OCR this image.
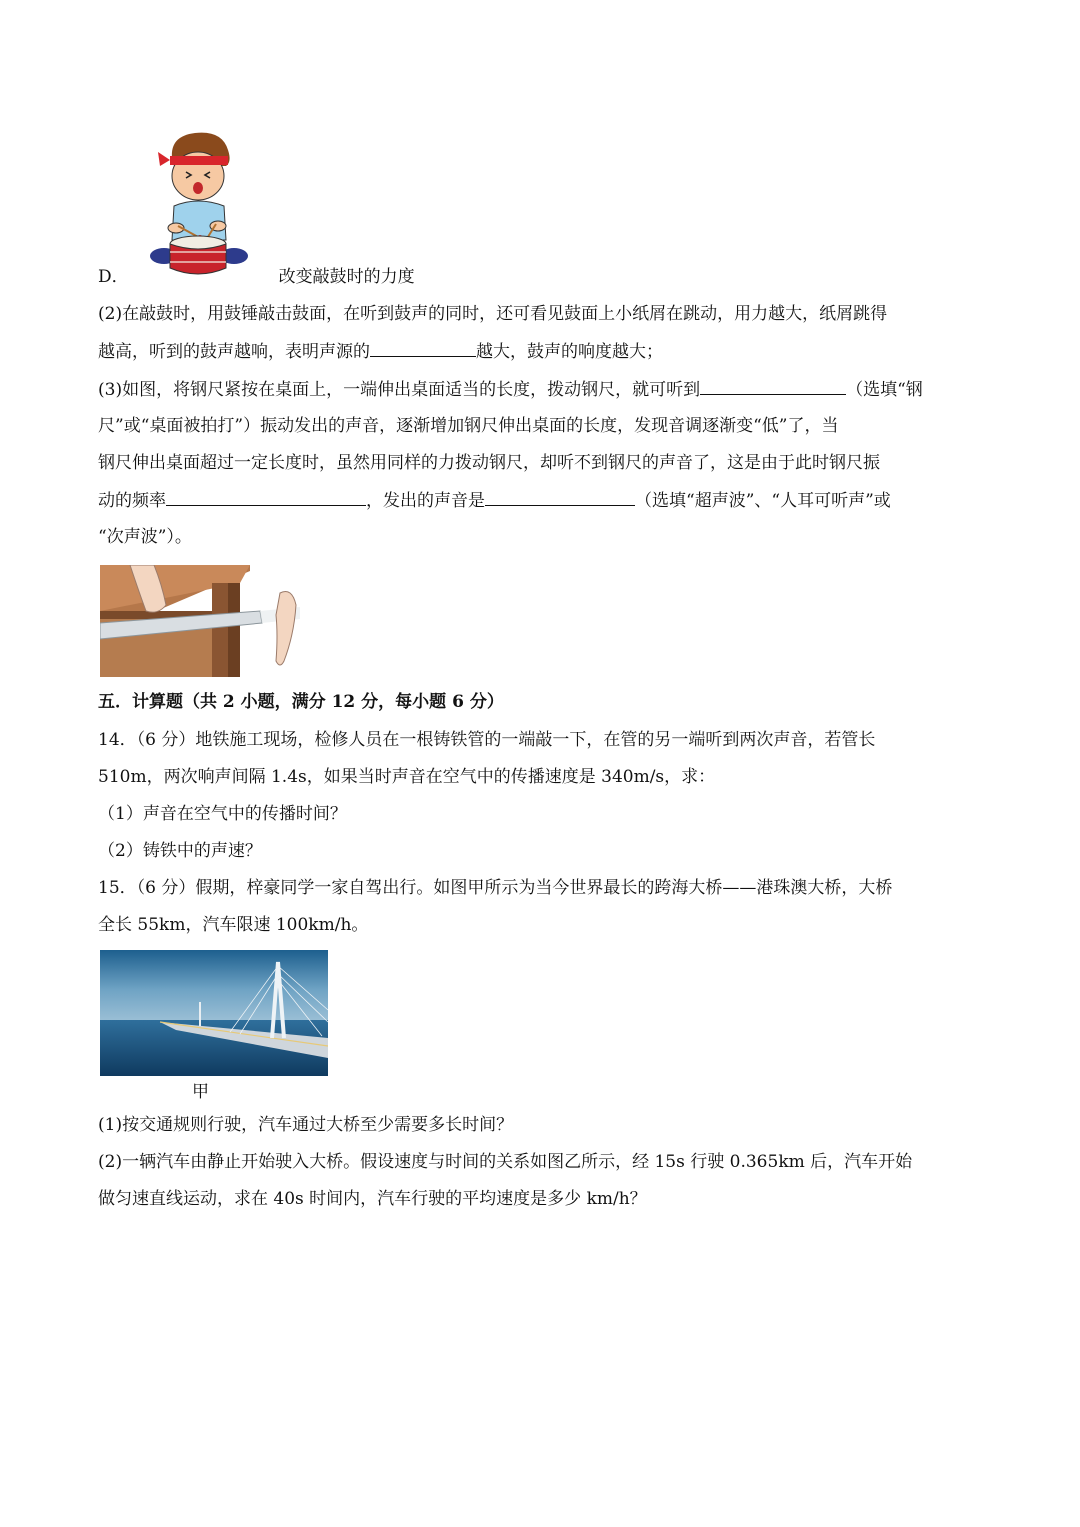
D．	改变敲鼓时的力度
(2)在敲鼓时，用鼓锤敲击鼓面，在听到鼓声的同时，还可看见鼓面上小纸屑在跳动，用力越大，纸屑跳得
越高，听到的鼓声越响，表明声源的	越大，鼓声的响度越大；
(3)如图，将钢尺紧按在桌面上，一端伸出桌面适当的长度，拨动钢尺，就可听到	（选填“钢
尺”或“桌面被拍打”）振动发出的声音，逐渐增加钢尺伸出桌面的长度，发现音调逐渐变“低”了，当
钢尺伸出桌面超过一定长度时，虽然用同样的力拨动钢尺，却听不到钢尺的声音了，这是由于此时钢尺振
动的频率	，发出的声音是	（选填“超声波”、“人耳可听声”或
“次声波”）。
五．计算题（共 2 小题，满分 12 分，每小题 6 分）
14．（6 分）地铁施工现场，检修人员在一根铸铁管的一端敲一下，在管的另一端听到两次声音，若管长
510m，两次响声间隔 1.4s，如果当时声音在空气中的传播速度是 340m/s，求：
（1）声音在空气中的传播时间？
（2）铸铁中的声速？
15．（6 分）假期，梓豪同学一家自驾出行。如图甲所示为当今世界最长的跨海大桥——港珠澳大桥，大桥
全长 55km，汽车限速 100km/h。
甲
(1)按交通规则行驶，汽车通过大桥至少需要多长时间？
(2)一辆汽车由静止开始驶入大桥。假设速度与时间的关系如图乙所示，经 15s 行驶 0.365km 后，汽车开始
做匀速直线运动，求在 40s 时间内，汽车行驶的平均速度是多少 km/h？
